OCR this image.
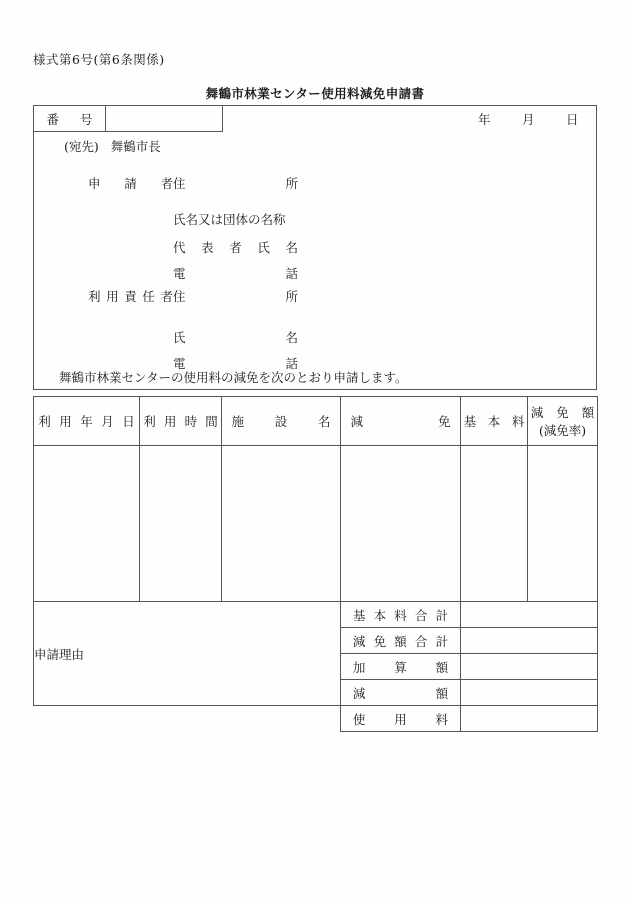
様式第6号(第6条関係)
舞鶴市林業センター使用料減免申請書
番号	年	月	日
(宛先) 舞鶴市長
申請者 住所
氏名又は団体の名称
代表者氏名
電話
利用責任者 住所
氏名
電話
舞鶴市林業センターの使用料の減免を次のとおり申請します。
利用年月日	利用時間	施設名	減免	基本料	減免額
(減免率)

申請理由			基本料合計		

			減免額合計		

			加算額		

			減額		

			使用料		
